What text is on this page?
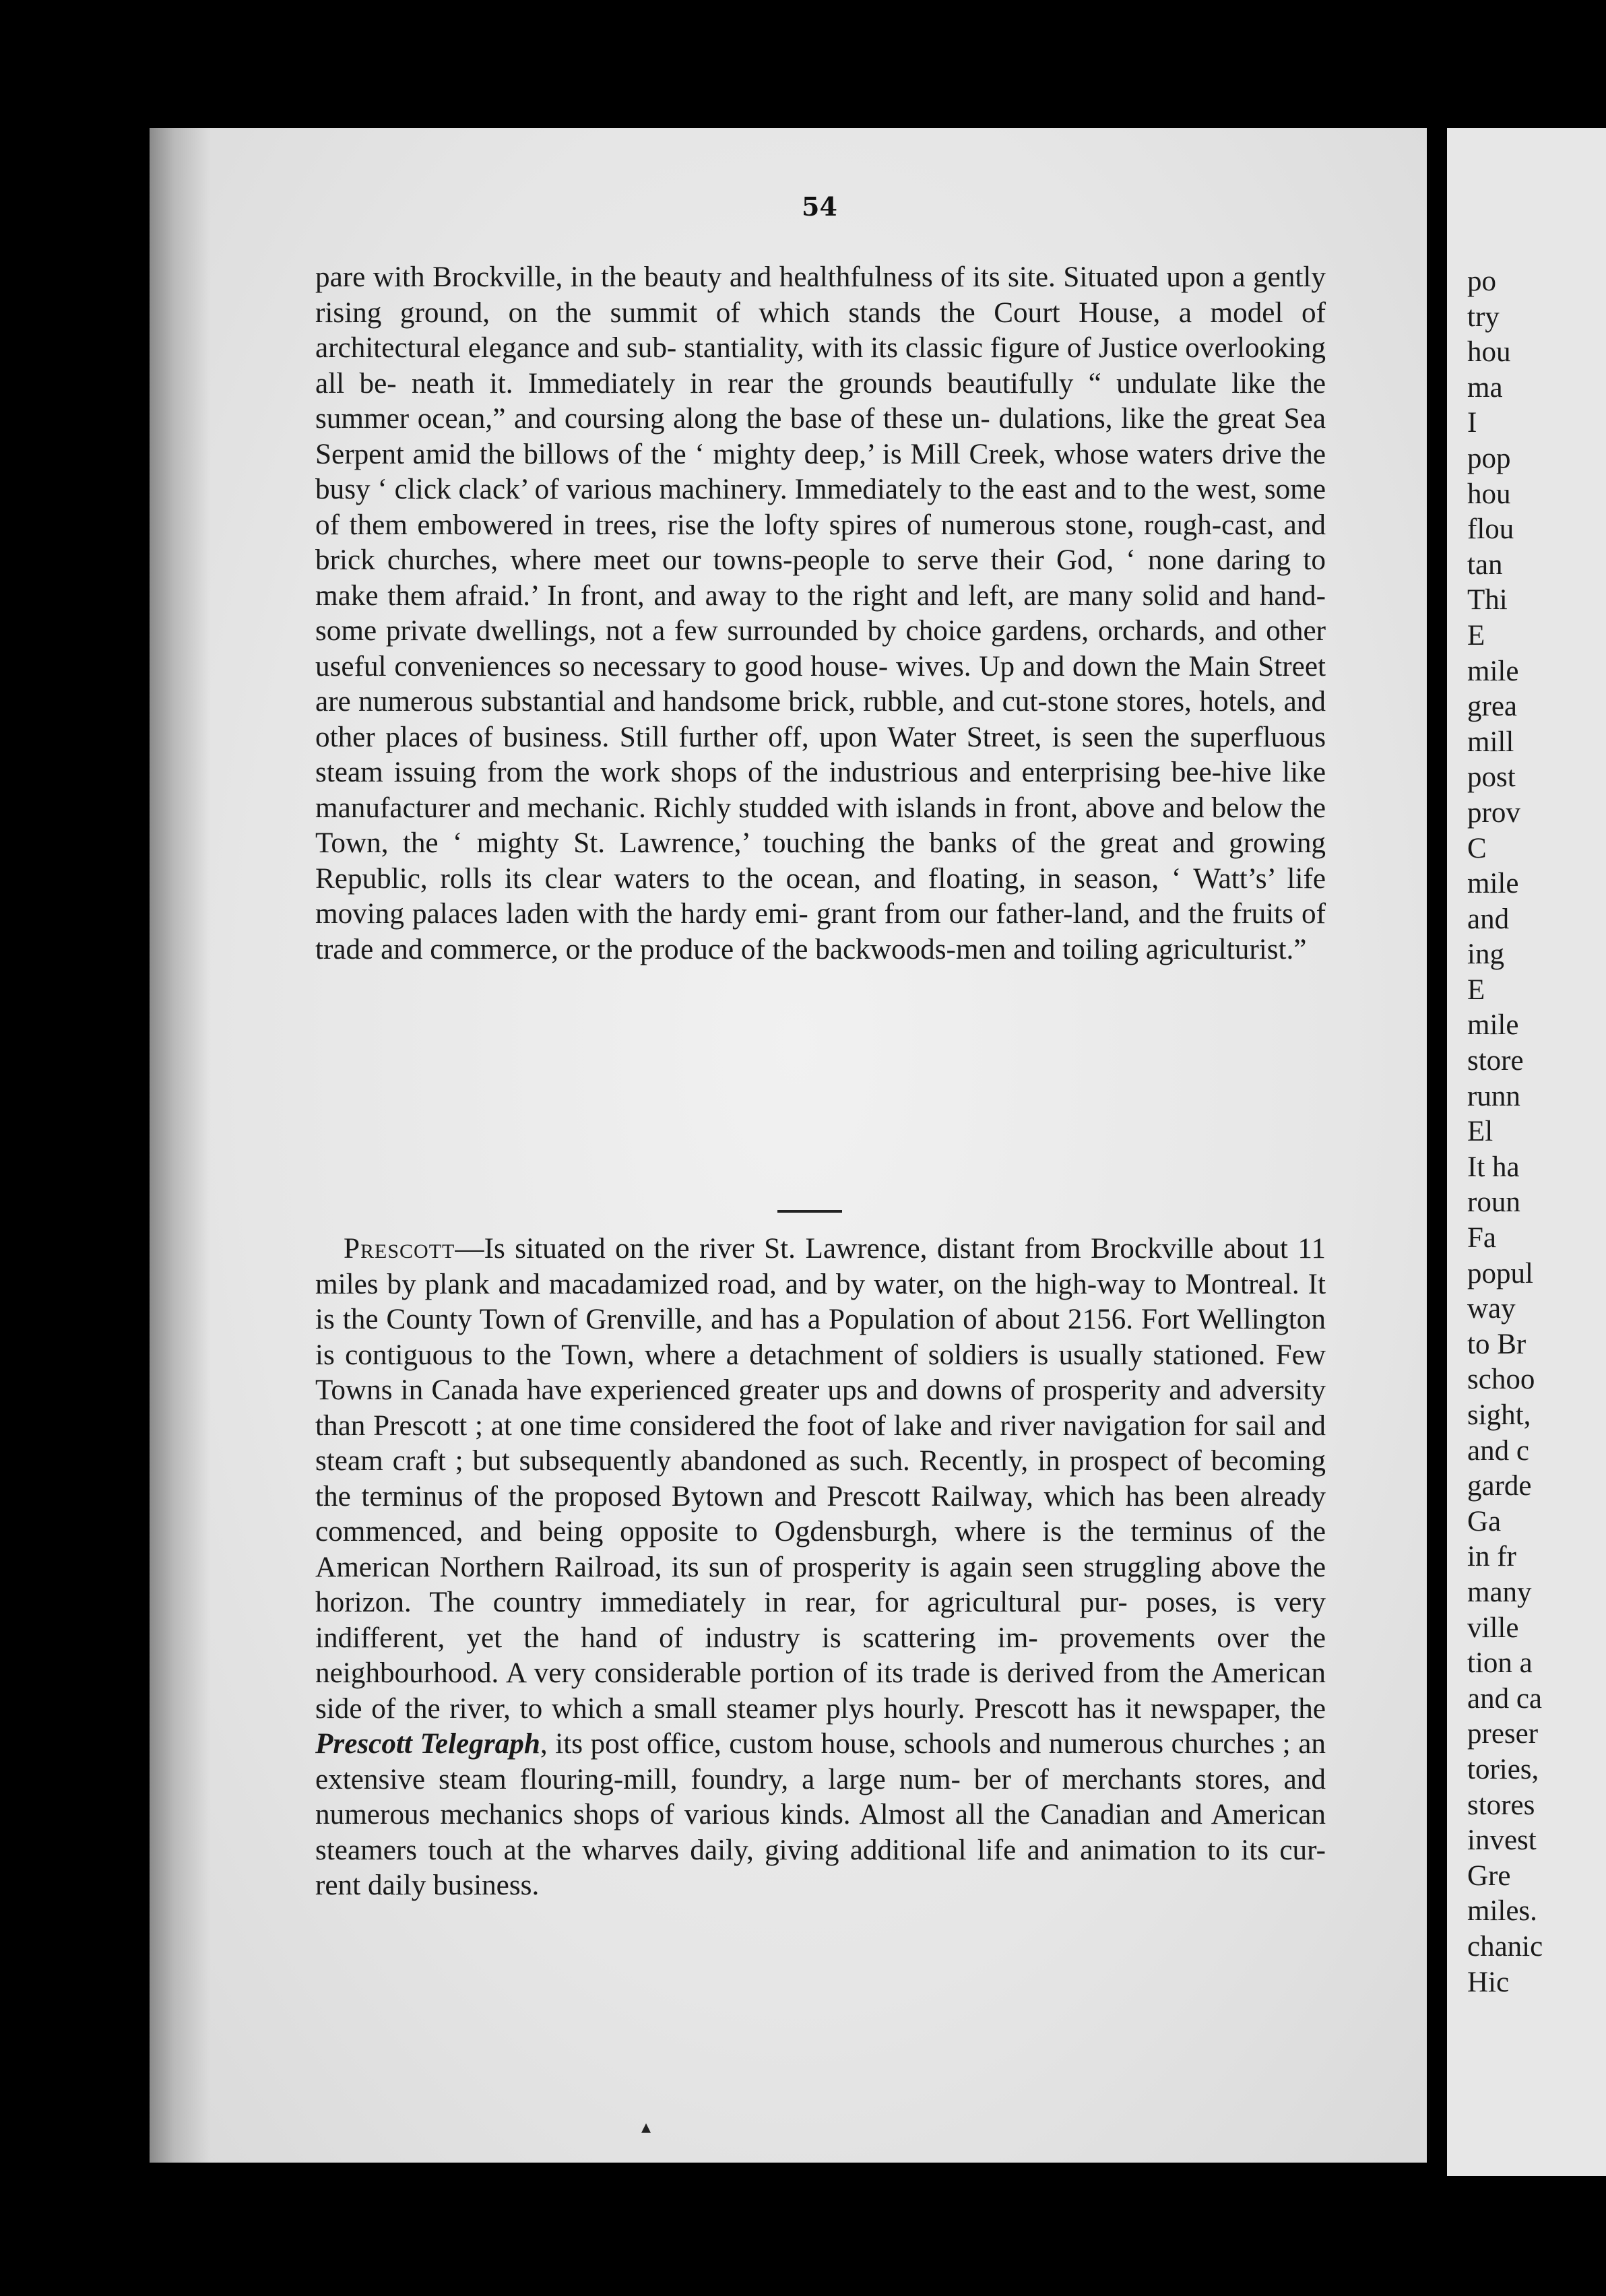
54

pare with Brockville, in the beauty and healthfulness of its site. Situated upon a gently rising ground, on the summit of which stands the Court House, a model of architectural elegance and sub- stantiality, with its classic figure of Justice overlooking all be- neath it. Immediately in rear the grounds beautifully “ undulate like the summer ocean,” and coursing along the base of these un- dulations, like the great Sea Serpent amid the billows of the ‘ mighty deep,’ is Mill Creek, whose waters drive the busy ‘ click clack’ of various machinery. Immediately to the east and to the west, some of them embowered in trees, rise the lofty spires of numerous stone, rough-cast, and brick churches, where meet our towns-people to serve their God, ‘ none daring to make them afraid.’ In front, and away to the right and left, are many solid and hand- some private dwellings, not a few surrounded by choice gardens, orchards, and other useful conveniences so necessary to good house- wives. Up and down the Main Street are numerous substantial and handsome brick, rubble, and cut-stone stores, hotels, and other places of business. Still further off, upon Water Street, is seen the superfluous steam issuing from the work shops of the industrious and enterprising bee-hive like manufacturer and mechanic. Richly studded with islands in front, above and below the Town, the ‘ mighty St. Lawrence,’ touching the banks of the great and growing Republic, rolls its clear waters to the ocean, and floating, in season, ‘ Watt’s’ life moving palaces laden with the hardy emi- grant from our father-land, and the fruits of trade and commerce, or the produce of the backwoods-men and toiling agriculturist.”

Prescott—Is situated on the river St. Lawrence, distant from Brockville about 11 miles by plank and macadamized road, and by water, on the high-way to Montreal. It is the County Town of Grenville, and has a Population of about 2156. Fort Wellington is contiguous to the Town, where a detachment of soldiers is usually stationed. Few Towns in Canada have experienced greater ups and downs of prosperity and adversity than Prescott ; at one time considered the foot of lake and river navigation for sail and steam craft ; but subsequently abandoned as such. Recently, in prospect of becoming the terminus of the proposed Bytown and Prescott Railway, which has been already commenced, and being opposite to Ogdensburgh, where is the terminus of the American Northern Railroad, its sun of prosperity is again seen struggling above the horizon. The country immediately in rear, for agricultural pur- poses, is very indifferent, yet the hand of industry is scattering im- provements over the neighbourhood. A very considerable portion of its trade is derived from the American side of the river, to which a small steamer plys hourly. Prescott has it newspaper, the Prescott Telegraph, its post office, custom house, schools and numerous churches ; an extensive steam flouring-mill, foundry, a large num- ber of merchants stores, and numerous mechanics shops of various kinds. Almost all the Canadian and American steamers touch at the wharves daily, giving additional life and animation to its cur- rent daily business.

▴
po
try
hou
ma
I
pop
hou
flou
tan
Thi
E
mile
grea
mill
post
prov
C
mile
and
ing
E
mile
store
runn
El
It ha
roun
Fa
popul
way
to Br
schoo
sight,
and c
garde
Ga
in fr
many
ville
tion a
and ca
preser
tories,
stores
invest
Gre
miles.
chanic
Hic
